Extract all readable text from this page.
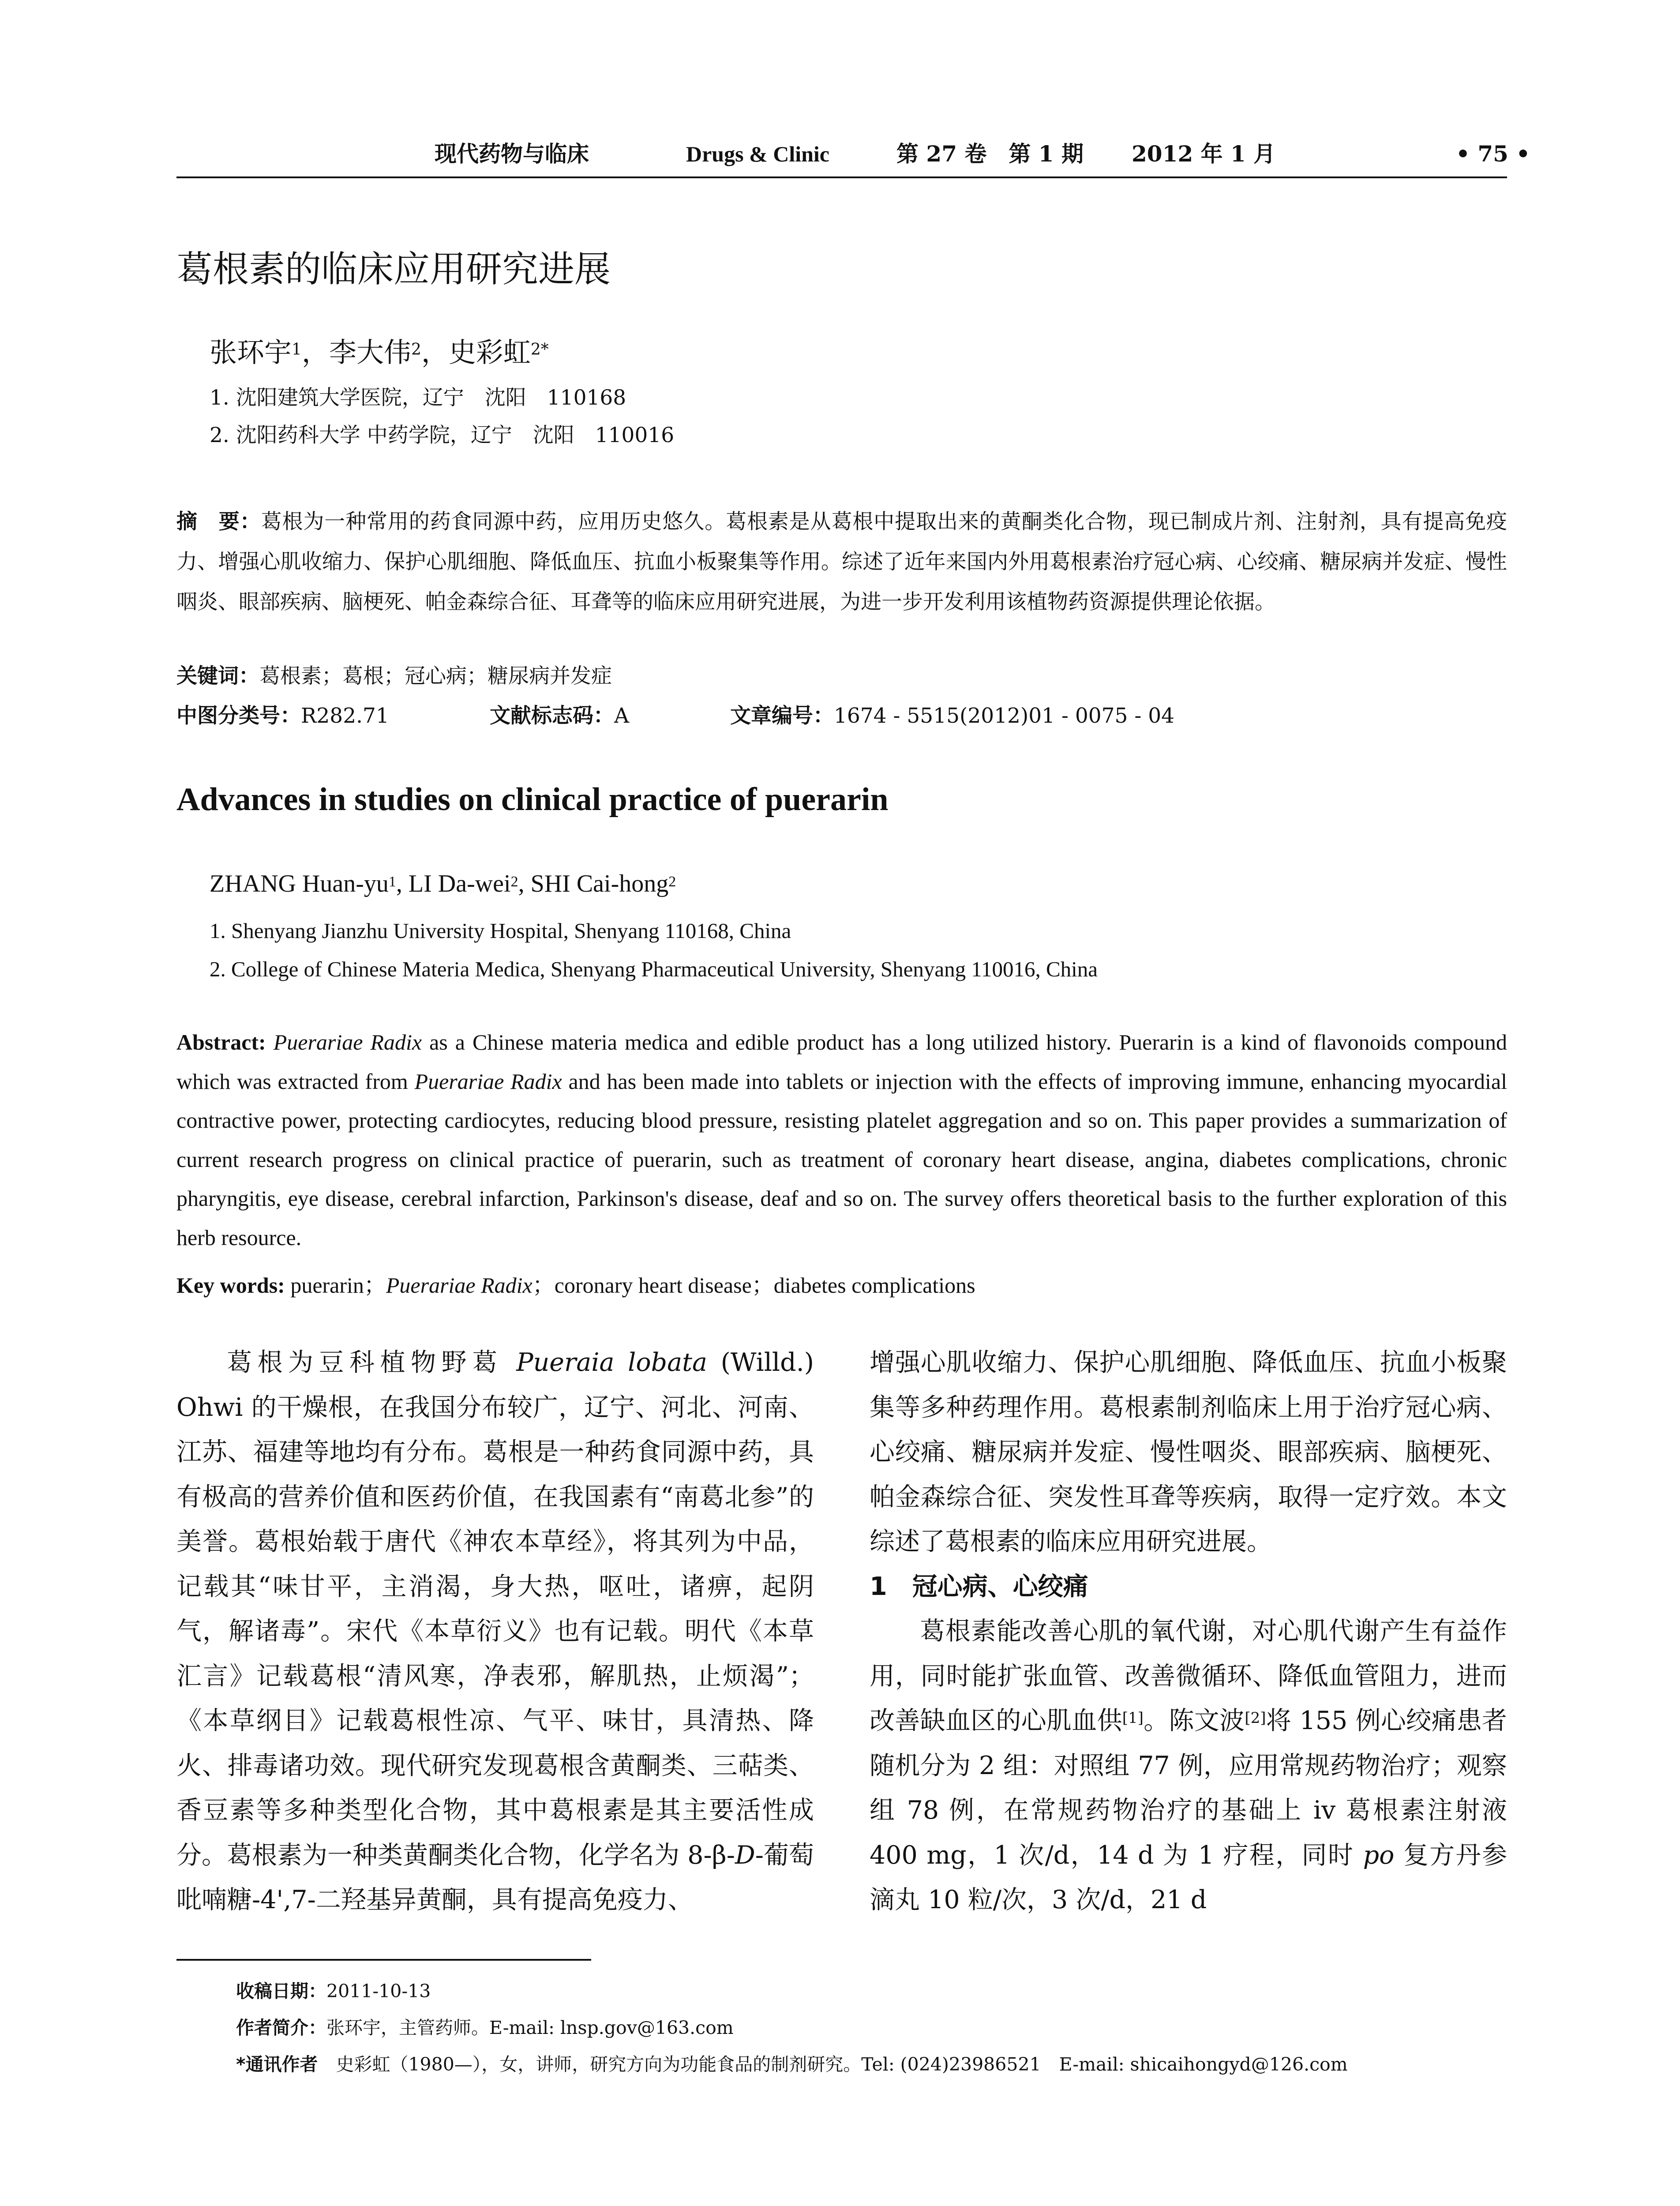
现代药物与临床	Drugs & Clinic	第 27 卷　第 1 期 2012 年 1 月	• 75 •
葛根素的临床应用研究进展
张环宇$^1$，李大伟$^2$，史彩虹$^{2*}$
1. 沈阳建筑大学医院，辽宁　沈阳　110168
2. 沈阳药科大学 中药学院，辽宁　沈阳　110016
摘　要：葛根为一种常用的药食同源中药，应用历史悠久。葛根素是从葛根中提取出来的黄酮类化合物，现已制成片剂、注射剂，具有提高免疫力、增强心肌收缩力、保护心肌细胞、降低血压、抗血小板聚集等作用。综述了近年来国内外用葛根素治疗冠心病、心绞痛、糖尿病并发症、慢性咽炎、眼部疾病、脑梗死、帕金森综合征、耳聋等的临床应用研究进展，为进一步开发利用该植物药资源提供理论依据。
关键词：葛根素；葛根；冠心病；糖尿病并发症
中图分类号：R282.71	文献标志码：A	文章编号：1674 - 5515(2012)01 - 0075 - 04
Advances in studies on clinical practice of puerarin
ZHANG Huan-$yu^1$, LI Da-wei$^2$, SHI Cai-hong$^2$
1. Shenyang Jianzhu University Hospital, Shenyang 110168, China
2. College of Chinese Materia Medica, Shenyang Pharmaceutical University, Shenyang 110016, China
Abstract: Puerariae Radix as a Chinese materia medica and edible product has a long utilized history. Puerarin is a kind of flavonoids compound which was extracted from Puerariae Radix and has been made into tablets or injection with the effects of improving immune, enhancing myocardial contractive power, protecting cardiocytes, reducing blood pressure, resisting platelet aggregation and so on. This paper provides a summarization of current research progress on clinical practice of puerarin, such as treatment of coronary heart disease, angina, diabetes complications, chronic pharyngitis, eye disease, cerebral infarction, Parkinson's disease, deaf and so on. The survey offers theoretical basis to the further exploration of this herb resource.
Key words: puerarin；Puerariae Radix；coronary heart disease；diabetes complications

葛根为豆科植物野葛 Pueraia lobata (Willd.) Ohwi 的干燥根，在我国分布较广，辽宁、河北、河南、江苏、福建等地均有分布。葛根是一种药食同源中药，具有极高的营养价值和医药价值，在我国素有“南葛北参”的美誉。葛根始载于唐代《神农本草经》，将其列为中品，记载其“味甘平，主消渴，身大热，呕吐，诸痹，起阴气，解诸毒”。宋代《本草衍义》也有记载。明代《本草汇言》记载葛根“清风寒，净表邪，解肌热，止烦渴”；《本草纲目》记载葛根性凉、气平、味甘，具清热、降火、排毒诸功效。现代研究发现葛根含黄酮类、三萜类、香豆素等多种类型化合物，其中葛根素是其主要活性成分。葛根素为一种类黄酮类化合物，化学名为 8-β-D-葡萄吡喃糖-4',7-二羟基异黄酮，具有提高免疫力、

增强心肌收缩力、保护心肌细胞、降低血压、抗血小板聚集等多种药理作用。葛根素制剂临床上用于治疗冠心病、心绞痛、糖尿病并发症、慢性咽炎、眼部疾病、脑梗死、帕金森综合征、突发性耳聋等疾病，取得一定疗效。本文综述了葛根素的临床应用研究进展。

1　冠心病、心绞痛

葛根素能改善心肌的氧代谢，对心肌代谢产生有益作用，同时能扩张血管、改善微循环、降低血管阻力，进而改善缺血区的心肌血供[1]。陈文波[2]将 155 例心绞痛患者随机分为 2 组：对照组 77 例，应用常规药物治疗；观察组 78 例，在常规药物治疗的基础上 iv 葛根素注射液 400 mg，1 次/d，14 d 为 1 疗程，同时 po 复方丹参滴丸 10 粒/次，3 次/d，21 d

收稿日期：2011-10-13
作者简介：张环宇，主管药师。E-mail: lnsp.gov@163.com
*通讯作者　史彩虹（1980—），女，讲师，研究方向为功能食品的制剂研究。Tel: (024)23986521　E-mail: shicaihongyd@126.com
